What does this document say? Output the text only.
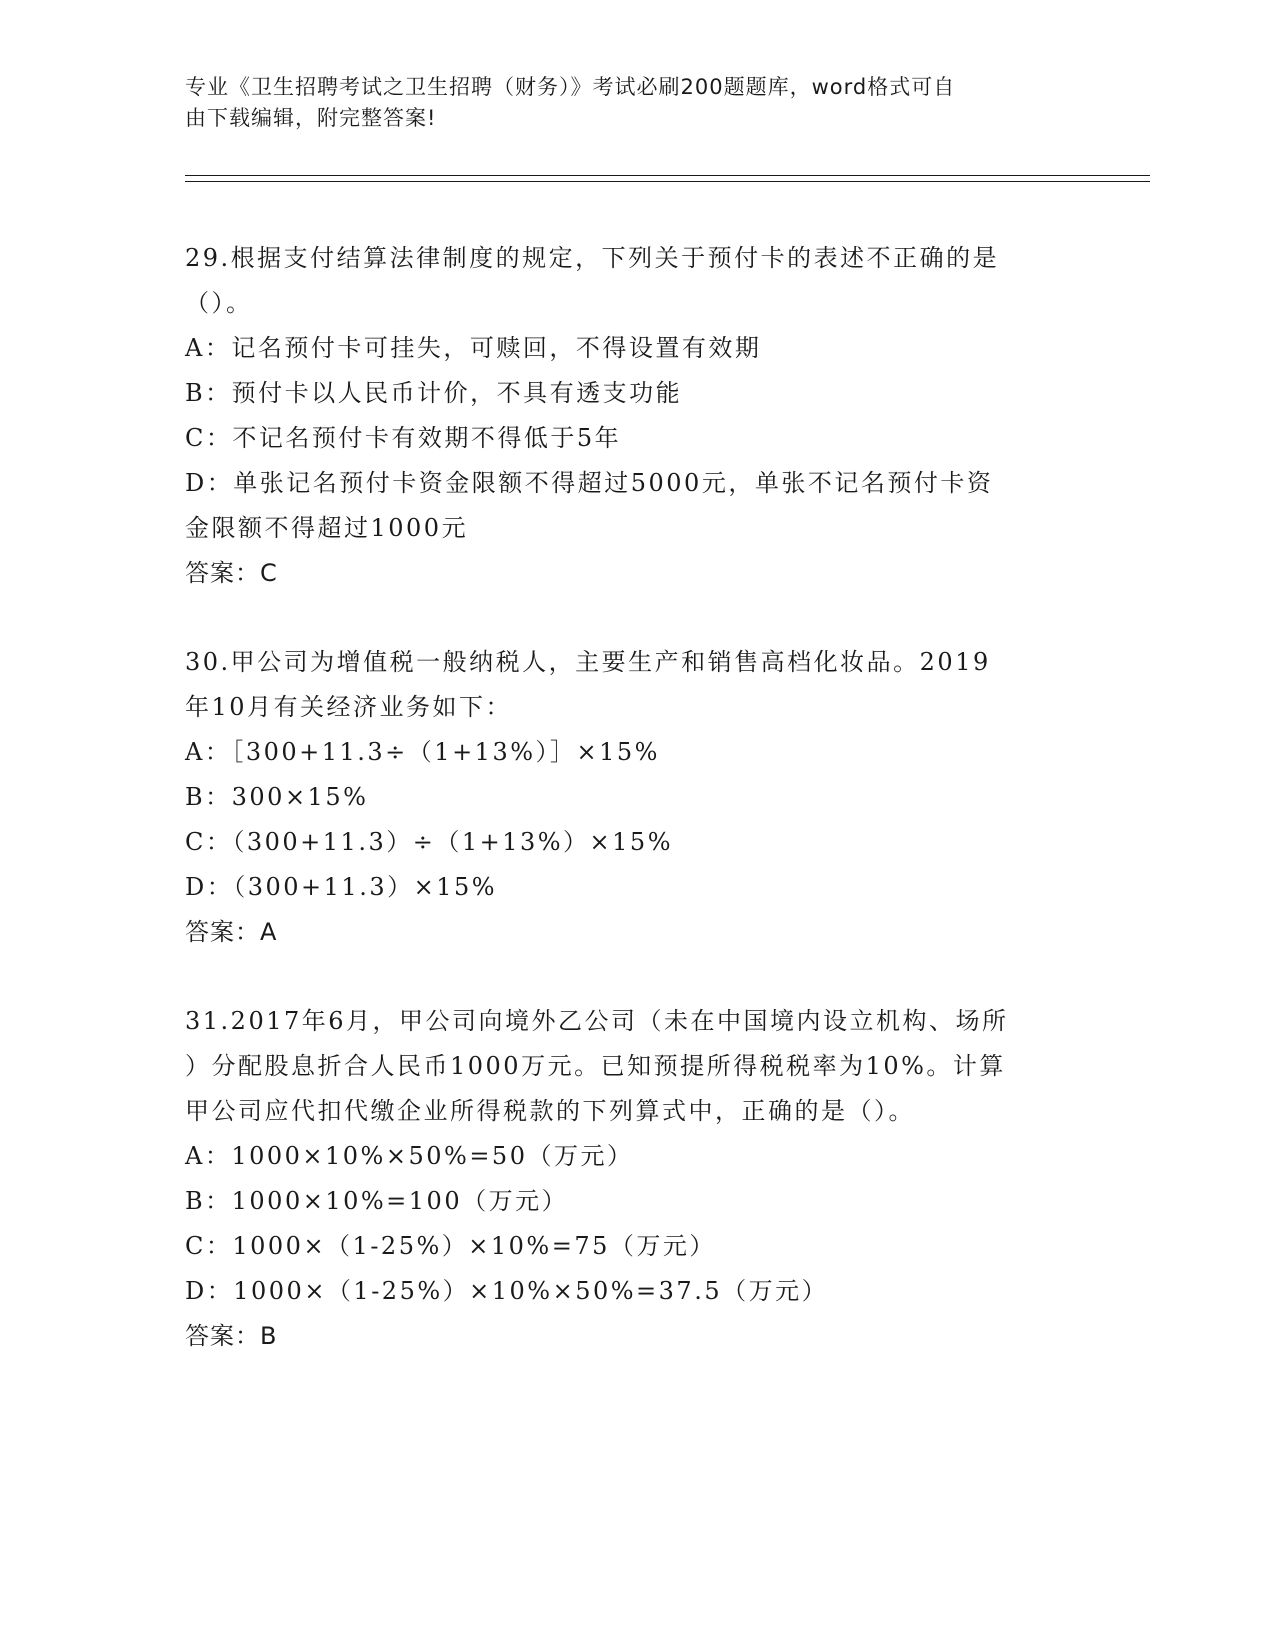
专业《卫生招聘考试之卫生招聘（财务）》考试必刷200题题库，word格式可自
由下载编辑，附完整答案!

29.根据支付结算法律制度的规定，下列关于预付卡的表述不正确的是

（）。

A：记名预付卡可挂失，可赎回，不得设置有效期

B：预付卡以人民币计价，不具有透支功能

C：不记名预付卡有效期不得低于5年

D：单张记名预付卡资金限额不得超过5000元，单张不记名预付卡资

金限额不得超过1000元

答案：C

30.甲公司为增值税一般纳税人，主要生产和销售高档化妆品。2019

年10月有关经济业务如下：

A：［300+11.3÷（1+13%）］×15%

B：300×15%

C：（300+11.3）÷（1+13%）×15%

D：（300+11.3）×15%

答案：A

31.2017年6月，甲公司向境外乙公司（未在中国境内设立机构、场所

）分配股息折合人民币1000万元。已知预提所得税税率为10%。计算

甲公司应代扣代缴企业所得税款的下列算式中，正确的是（）。

A：1000×10%×50%=50（万元）

B：1000×10%=100（万元）

C：1000×（1-25%）×10%=75（万元）

D：1000×（1-25%）×10%×50%=37.5（万元）

答案：B
